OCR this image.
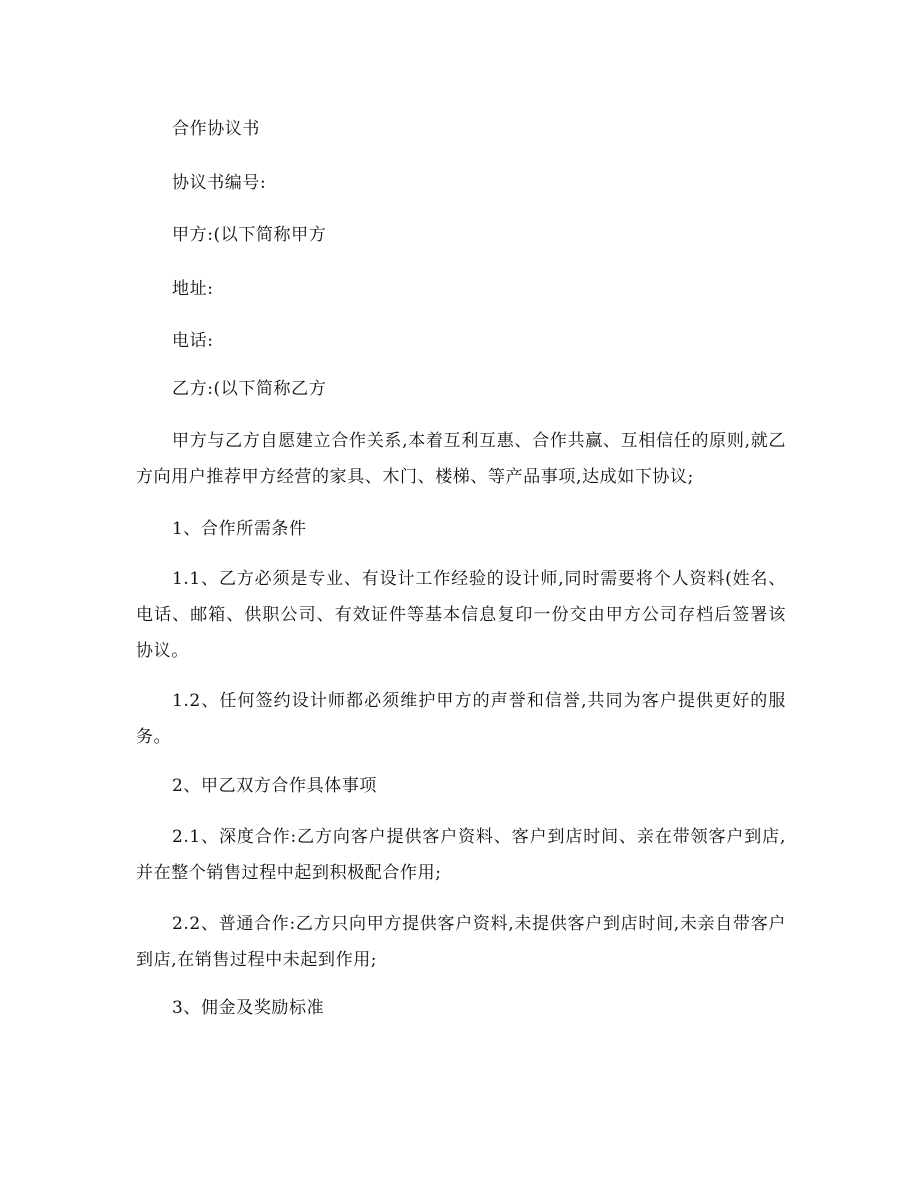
合作协议书
协议书编号:
甲方:(以下简称甲方
地址:
电话:
乙方:(以下简称乙方
甲方与乙方自愿建立合作关系,本着互利互惠、合作共赢、互相信任的原则,就乙方向用户推荐甲方经营的家具、木门、楼梯、等产品事项,达成如下协议;
1、合作所需条件
1.1、乙方必须是专业、有设计工作经验的设计师,同时需要将个人资料(姓名、电话、邮箱、供职公司、有效证件等基本信息复印一份交由甲方公司存档后签署该协议。
1.2、任何签约设计师都必须维护甲方的声誉和信誉,共同为客户提供更好的服务。
2、甲乙双方合作具体事项
2.1、深度合作:乙方向客户提供客户资料、客户到店时间、亲在带领客户到店,并在整个销售过程中起到积极配合作用;
2.2、普通合作:乙方只向甲方提供客户资料,未提供客户到店时间,未亲自带客户到店,在销售过程中未起到作用;
3、佣金及奖励标准
